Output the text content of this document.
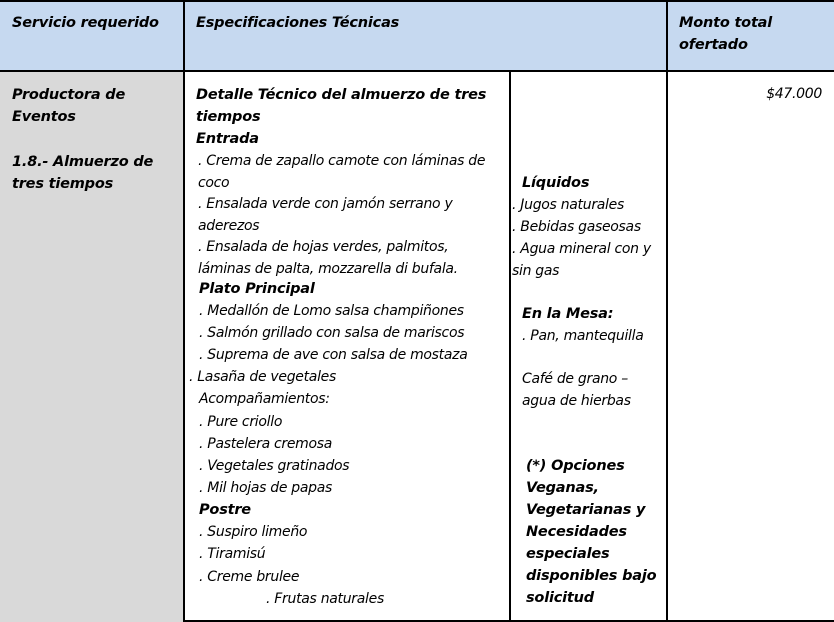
Servicio requerido	Especificaciones Técnicas	Monto total ofertado
Productora de Eventos
1.8.- Almuerzo de tres tiempos
Detalle Técnico del almuerzo de tres tiempos
Entrada
. Crema de zapallo camote con láminas de coco
. Ensalada verde con jamón serrano y aderezos
. Ensalada de hojas verdes, palmitos, láminas de palta, mozzarella di bufala.
Plato Principal
. Medallón de Lomo salsa champiñones
. Salmón grillado con salsa de mariscos
. Suprema de ave con salsa de mostaza
. Lasaña de vegetales
Acompañamientos:
. Pure criollo
. Pastelera cremosa
. Vegetales gratinados
. Mil hojas de papas
Postre
. Suspiro limeño
. Tiramisú
. Creme brulee
. Frutas naturales
Líquidos
. Jugos naturales
. Bebidas gaseosas
. Agua mineral con y sin gas
En la Mesa:
. Pan, mantequilla
Café de grano – agua de hierbas
(*) Opciones Veganas, Vegetarianas y Necesidades especiales disponibles bajo solicitud
$47.000
